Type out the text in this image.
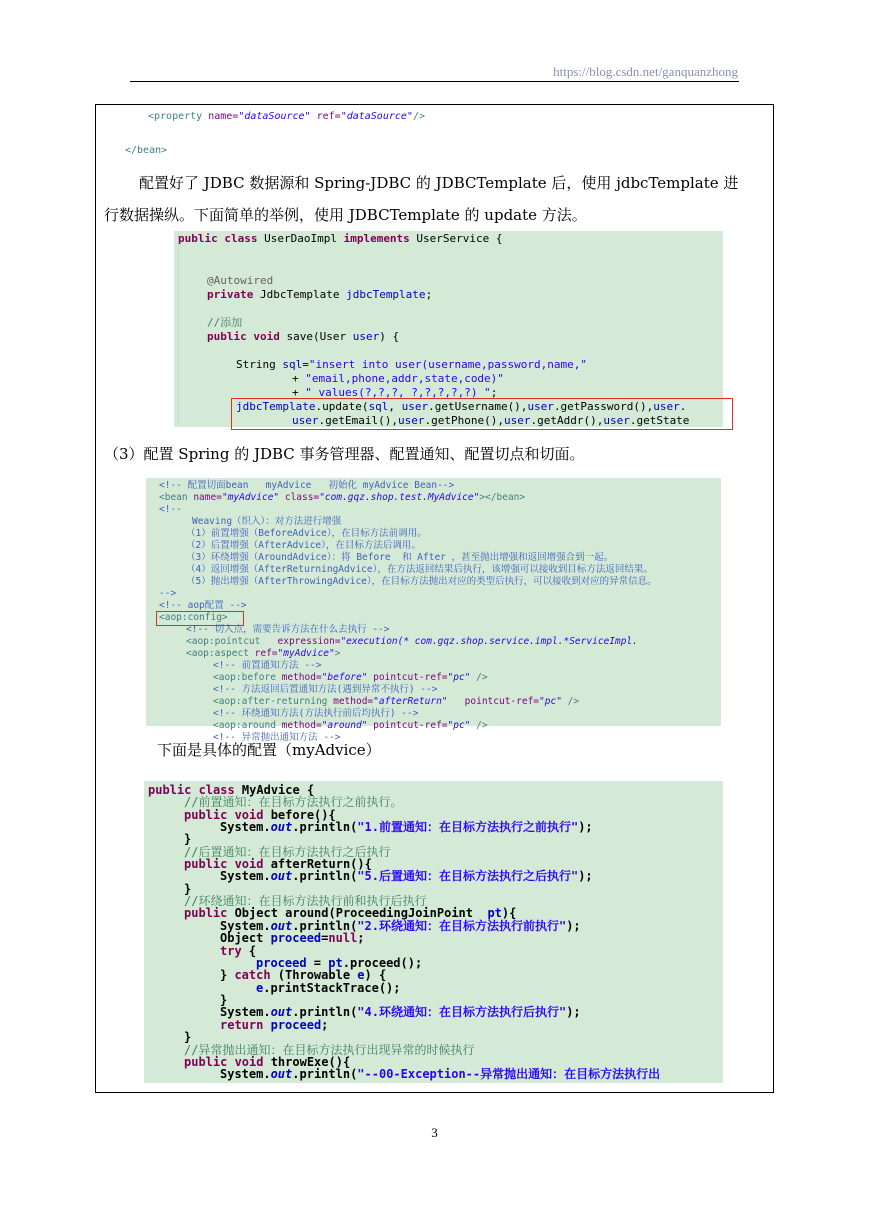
https://blog.csdn.net/ganquanzhong
<property name="dataSource" ref="dataSource"/>
</bean>
配置好了 JDBC 数据源和 Spring-JDBC 的 JDBCTemplate 后，使用 jdbcTemplate 进
行数据操纵。下面简单的举例，使用 JDBCTemplate 的 update 方法。

public class UserDaoImpl implements UserService {

@Autowired

private JdbcTemplate jdbcTemplate;

//添加

public void save(User user) {

String sql="insert into user(username,password,name,"

+ "email,phone,addr,state,code)"

+ " values(?,?,?, ?,?,?,?,?) ";

jdbcTemplate.update(sql, user.getUsername(),user.getPassword(),user.

user.getEmail(),user.getPhone(),user.getAddr(),user.getState

（3）配置 Spring 的 JDBC 事务管理器、配置通知、配置切点和切面。

<!-- 配置切面bean   myAdvice   初始化 myAdvice Bean-->

<bean name="myAdvice" class="com.gqz.shop.test.MyAdvice"></bean>

<!--

Weaving（织入）：对方法进行增强

（1）前置增强（BeforeAdvice），在目标方法前调用。

（2）后置增强（AfterAdvice），在目标方法后调用。

（3）环绕增强（AroundAdvice）：将 Before  和 After ，甚至抛出增强和返回增强合到一起。

（4）返回增强（AfterReturningAdvice），在方法返回结果后执行，该增强可以接收到目标方法返回结果。

（5）抛出增强（AfterThrowingAdvice），在目标方法抛出对应的类型后执行，可以接收到对应的异常信息。

-->

<!-- aop配置 -->

<aop:config>

<!-- 切入点，需要告诉方法在什么去执行 -->

<aop:pointcut   expression="execution(* com.gqz.shop.service.impl.*ServiceImpl.

<aop:aspect ref="myAdvice">

<!-- 前置通知方法 -->

<aop:before method="before" pointcut-ref="pc" />

<!-- 方法返回后置通知方法(遇到异常不执行) -->

<aop:after-returning method="afterReturn"   pointcut-ref="pc" />

<!-- 环绕通知方法(方法执行前后均执行) -->

<aop:around method="around" pointcut-ref="pc" />

<!-- 异常抛出通知方法 -->

下面是具体的配置（myAdvice）

public class MyAdvice {

//前置通知：在目标方法执行之前执行。

public void before(){

System.out.println("1.前置通知：在目标方法执行之前执行");

}

//后置通知：在目标方法执行之后执行

public void afterReturn(){

System.out.println("5.后置通知：在目标方法执行之后执行");

}

//环绕通知：在目标方法执行前和执行后执行

public Object around(ProceedingJoinPoint  pt){

System.out.println("2.环绕通知：在目标方法执行前执行");

Object proceed=null;

try {

proceed = pt.proceed();

} catch (Throwable e) {

e.printStackTrace();

}

System.out.println("4.环绕通知：在目标方法执行后执行");

return proceed;

}

//异常抛出通知：在目标方法执行出现异常的时候执行

public void throwExe(){

System.out.println("--00-Exception--异常抛出通知：在目标方法执行出

3
